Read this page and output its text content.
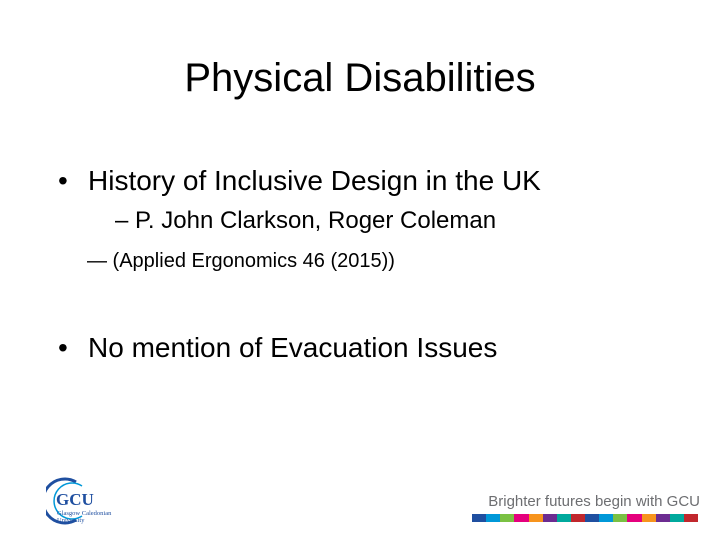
Physical Disabilities
• History of Inclusive Design in the UK
– P. John Clarkson, Roger Coleman
— (Applied Ergonomics 46 (2015))
• No mention of Evacuation Issues
GCU
Glasgow Caledonian
University
Brighter futures begin with GCU
